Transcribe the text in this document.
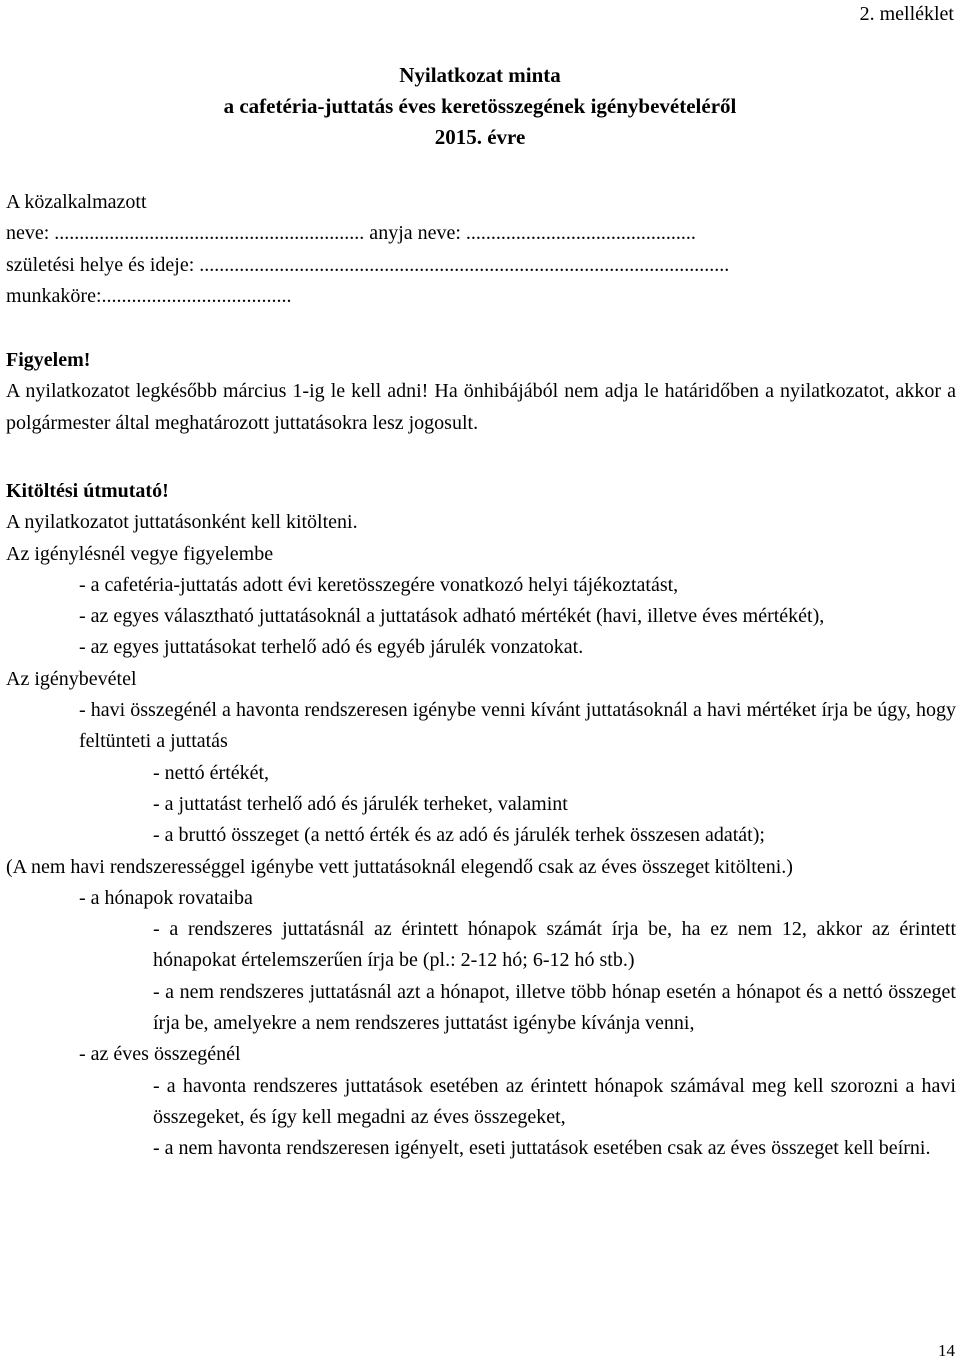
2. melléklet
Nyilatkozat minta
a cafetéria-juttatás éves keretösszegének igénybevételéről
2015. évre
A közalkalmazott
neve: .............................................................. anyja neve: ..............................................
születési helye és ideje: ..........................................................................................................
munkaköre:......................................
Figyelem!
A nyilatkozatot legkésőbb március 1-ig le kell adni! Ha önhibájából nem adja le határidőben a nyilatkozatot, akkor a polgármester által meghatározott juttatásokra lesz jogosult.
Kitöltési útmutató!
A nyilatkozatot juttatásonként kell kitölteni.
Az igénylésnél vegye figyelembe
- a cafetéria-juttatás adott évi keretösszegére vonatkozó helyi tájékoztatást,
- az egyes választható juttatásoknál a juttatások adható mértékét (havi, illetve éves mértékét),
- az egyes juttatásokat terhelő adó és egyéb járulék vonzatokat.
Az igénybevétel
- havi összegénél a havonta rendszeresen igénybe venni kívánt juttatásoknál a havi mértéket írja be úgy, hogy feltünteti a juttatás
- nettó értékét,
- a juttatást terhelő adó és járulék terheket, valamint
- a bruttó összeget (a nettó érték és az adó és járulék terhek összesen adatát);
(A nem havi rendszerességgel igénybe vett juttatásoknál elegendő csak az éves összeget kitölteni.)
- a hónapok rovataiba
- a rendszeres juttatásnál az érintett hónapok számát írja be, ha ez nem 12, akkor az érintett hónapokat értelemszerűen írja be (pl.: 2-12 hó; 6-12 hó stb.)
- a nem rendszeres juttatásnál azt a hónapot, illetve több hónap esetén a hónapot és a nettó összeget írja be, amelyekre a nem rendszeres juttatást igénybe kívánja venni,
- az éves összegénél
- a havonta rendszeres juttatások esetében az érintett hónapok számával meg kell szorozni a havi összegeket, és így kell megadni az éves összegeket,
- a nem havonta rendszeresen igényelt, eseti juttatások esetében csak az éves összeget kell beírni.
14
